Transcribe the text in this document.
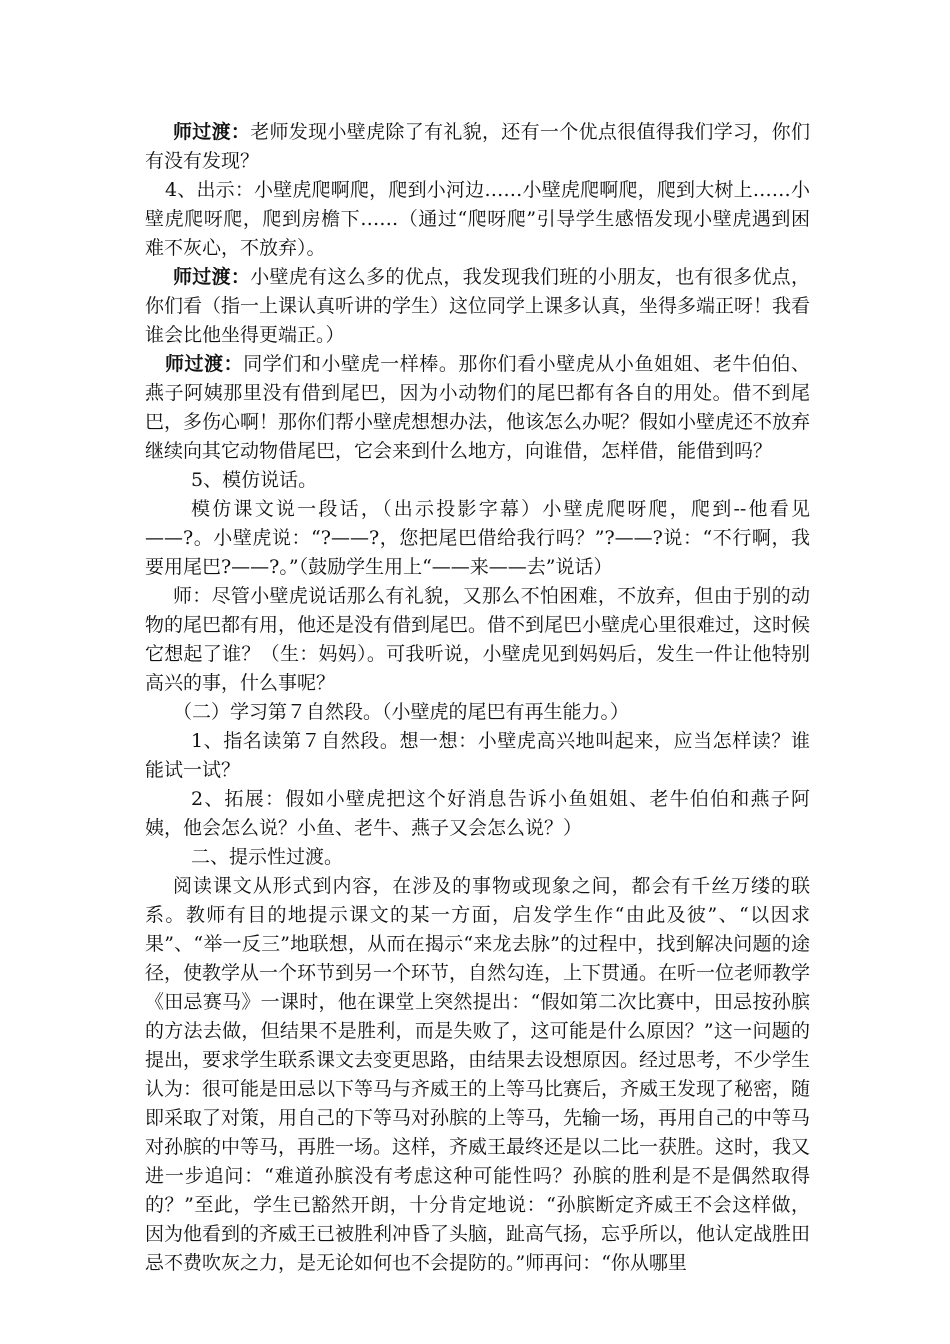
师过渡：老师发现小壁虎除了有礼貌，还有一个优点很值得我们学习，你们有没有发现？

4、出示：小壁虎爬啊爬，爬到小河边……小壁虎爬啊爬，爬到大树上……小壁虎爬呀爬，爬到房檐下……（通过“爬呀爬”引导学生感悟发现小壁虎遇到困难不灰心，不放弃）。

师过渡：小壁虎有这么多的优点，我发现我们班的小朋友，也有很多优点，你们看（指一上课认真听讲的学生）这位同学上课多认真，坐得多端正呀！我看谁会比他坐得更端正。）

师过渡：同学们和小壁虎一样棒。那你们看小壁虎从小鱼姐姐、老牛伯伯、燕子阿姨那里没有借到尾巴，因为小动物们的尾巴都有各自的用处。借不到尾巴，多伤心啊！那你们帮小壁虎想想办法，他该怎么办呢？假如小壁虎还不放弃继续向其它动物借尾巴，它会来到什么地方，向谁借，怎样借，能借到吗？

5、模仿说话。

模仿课文说一段话，（出示投影字幕）小壁虎爬呀爬，爬到--他看见——?。小壁虎说：“?——?，您把尾巴借给我行吗？”?——?说：“不行啊，我要用尾巴?——?。”（鼓励学生用上“——来——去”说话）

师：尽管小壁虎说话那么有礼貌，又那么不怕困难，不放弃，但由于别的动物的尾巴都有用，他还是没有借到尾巴。借不到尾巴小壁虎心里很难过，这时候它想起了谁？（生：妈妈）。可我听说，小壁虎见到妈妈后，发生一件让他特别高兴的事，什么事呢？

（二）学习第７自然段。（小壁虎的尾巴有再生能力。）

1、指名读第７自然段。想一想：小壁虎高兴地叫起来，应当怎样读？谁能试一试？

2、拓展：假如小壁虎把这个好消息告诉小鱼姐姐、老牛伯伯和燕子阿姨，他会怎么说？小鱼、老牛、燕子又会怎么说？）

二、提示性过渡。

阅读课文从形式到内容，在涉及的事物或现象之间，都会有千丝万缕的联系。教师有目的地提示课文的某一方面，启发学生作“由此及彼”、“以因求果”、“举一反三”地联想，从而在揭示“来龙去脉”的过程中，找到解决问题的途径，使教学从一个环节到另一个环节，自然勾连，上下贯通。在听一位老师教学《田忌赛马》一课时，他在课堂上突然提出：“假如第二次比赛中，田忌按孙膑的方法去做，但结果不是胜利，而是失败了，这可能是什么原因？”这一问题的提出，要求学生联系课文去变更思路，由结果去设想原因。经过思考，不少学生认为：很可能是田忌以下等马与齐威王的上等马比赛后，齐威王发现了秘密，随即采取了对策，用自己的下等马对孙膑的上等马，先输一场，再用自己的中等马对孙膑的中等马，再胜一场。这样，齐威王最终还是以二比一获胜。这时，我又进一步追问：“难道孙膑没有考虑这种可能性吗？孙膑的胜利是不是偶然取得的？”至此，学生已豁然开朗，十分肯定地说：“孙膑断定齐威王不会这样做，因为他看到的齐威王已被胜利冲昏了头脑，趾高气扬，忘乎所以，他认定战胜田忌不费吹灰之力，是无论如何也不会提防的。”师再问：“你从哪里
